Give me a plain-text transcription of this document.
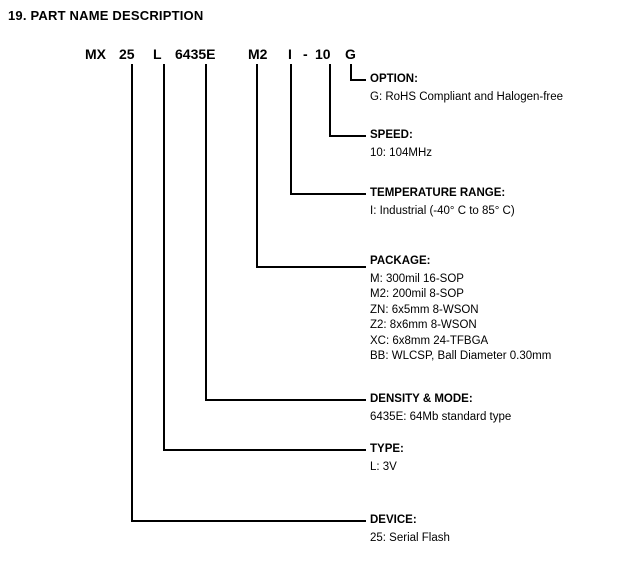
19. PART NAME DESCRIPTION
MX 25 L 6435E M2 I - 10 G
OPTION:
G: RoHS Compliant and Halogen-free
SPEED:
10: 104MHz
TEMPERATURE RANGE:
I: Industrial (-40° C to 85° C)
PACKAGE:
M: 300mil 16-SOP
M2: 200mil 8-SOP
ZN: 6x5mm 8-WSON
Z2: 8x6mm 8-WSON
XC: 6x8mm 24-TFBGA
BB: WLCSP, Ball Diameter 0.30mm
DENSITY & MODE:
6435E: 64Mb standard type
TYPE:
L: 3V
DEVICE:
25: Serial Flash
